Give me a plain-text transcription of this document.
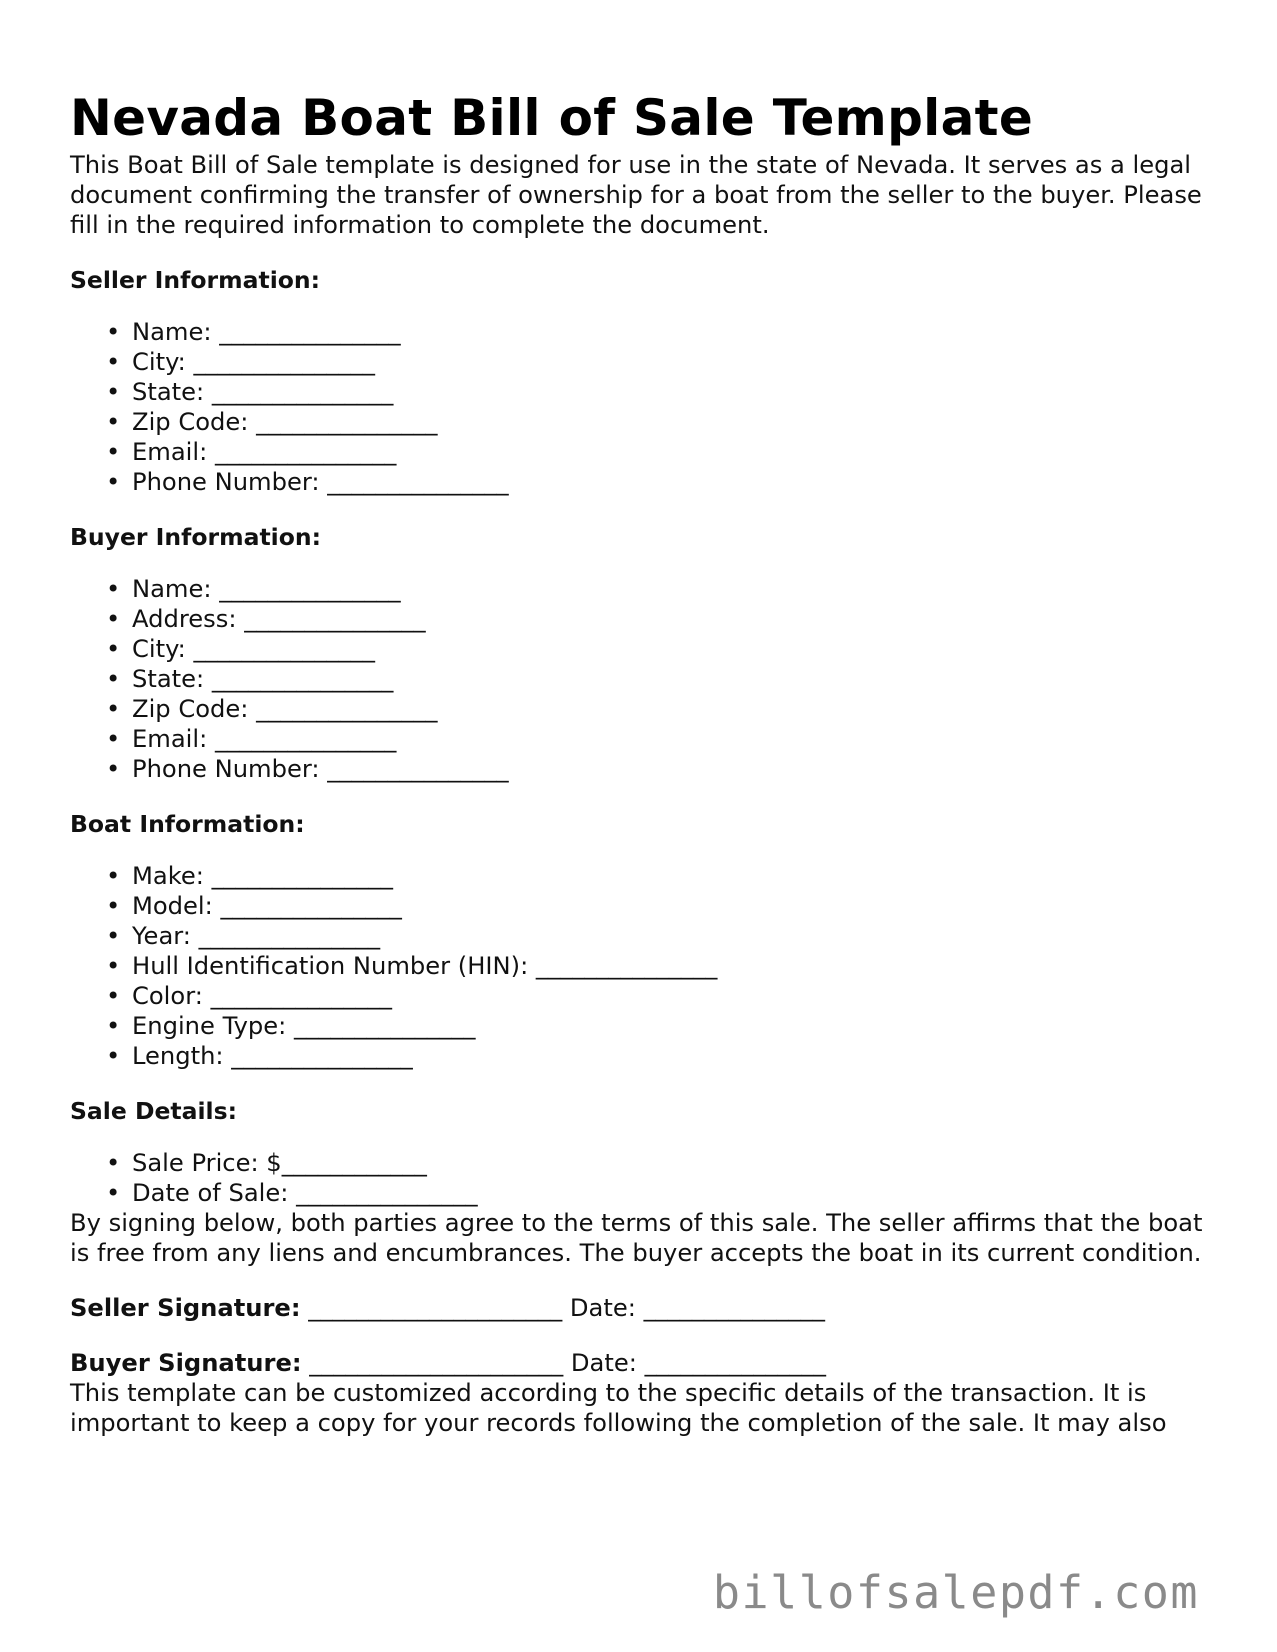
Nevada Boat Bill of Sale Template

This Boat Bill of Sale template is designed for use in the state of Nevada. It serves as a legal document confirming the transfer of ownership for a boat from the seller to the buyer. Please fill in the required information to complete the document.

Seller Information:

• Name: _______________
• City: _______________
• State: _______________
• Zip Code: _______________
• Email: _______________
• Phone Number: _______________

Buyer Information:

• Name: _______________
• Address: _______________
• City: _______________
• State: _______________
• Zip Code: _______________
• Email: _______________
• Phone Number: _______________

Boat Information:

• Make: _______________
• Model: _______________
• Year: _______________
• Hull Identification Number (HIN): _______________
• Color: _______________
• Engine Type: _______________
• Length: _______________

Sale Details:

• Sale Price: $____________
• Date of Sale: _______________

By signing below, both parties agree to the terms of this sale. The seller affirms that the boat is free from any liens and encumbrances. The buyer accepts the boat in its current condition.

Seller Signature: _____________________ Date: _______________

Buyer Signature: _____________________ Date: _______________

This template can be customized according to the specific details of the transaction. It is

important to keep a copy for your records following the completion of the sale. It may also

billofsalepdf.com
